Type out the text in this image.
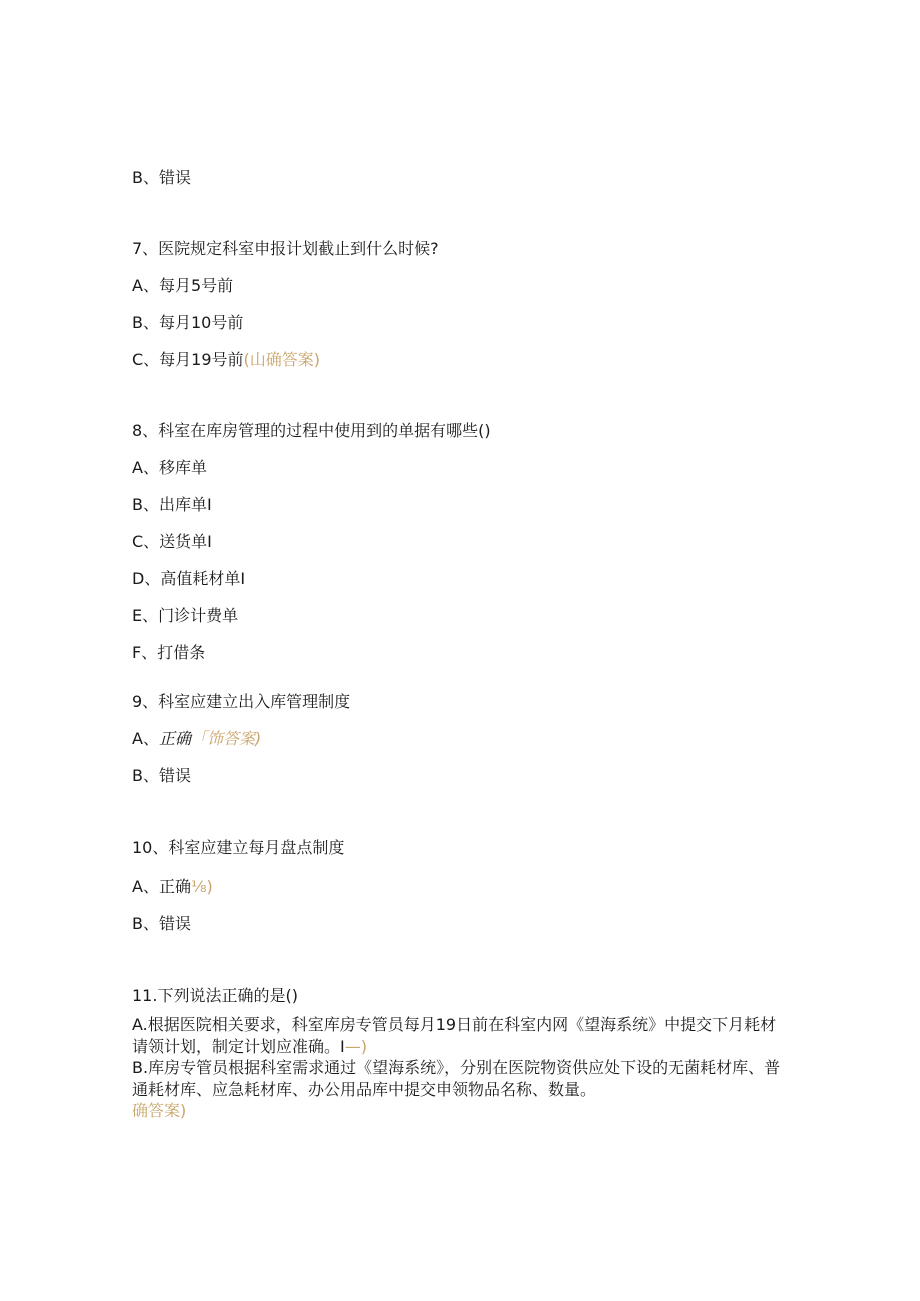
B、错误
7、医院规定科室申报计划截止到什么时候?
A、每月5号前
B、每月10号前
C、每月19号前(山确答案)
8、科室在库房管理的过程中使用到的单据有哪些()
A、移库单
B、出库单I
C、送货单I
D、高值耗材单I
E、门诊计费单
F、打借条
9、科室应建立出入库管理制度
A、正确「饰答案)
B、错误
10、科室应建立每月盘点制度
A、正确⅛)
B、错误
11.下列说法正确的是()
A.根据医院相关要求，科室库房专管员每月19日前在科室内网《望海系统》中提交下月耗材请领计划，制定计划应准确。I—)
B.库房专管员根据科室需求通过《望海系统》，分别在医院物资供应处下设的无菌耗材库、普通耗材库、应急耗材库、办公用品库中提交申领物品名称、数量。
确答案)
